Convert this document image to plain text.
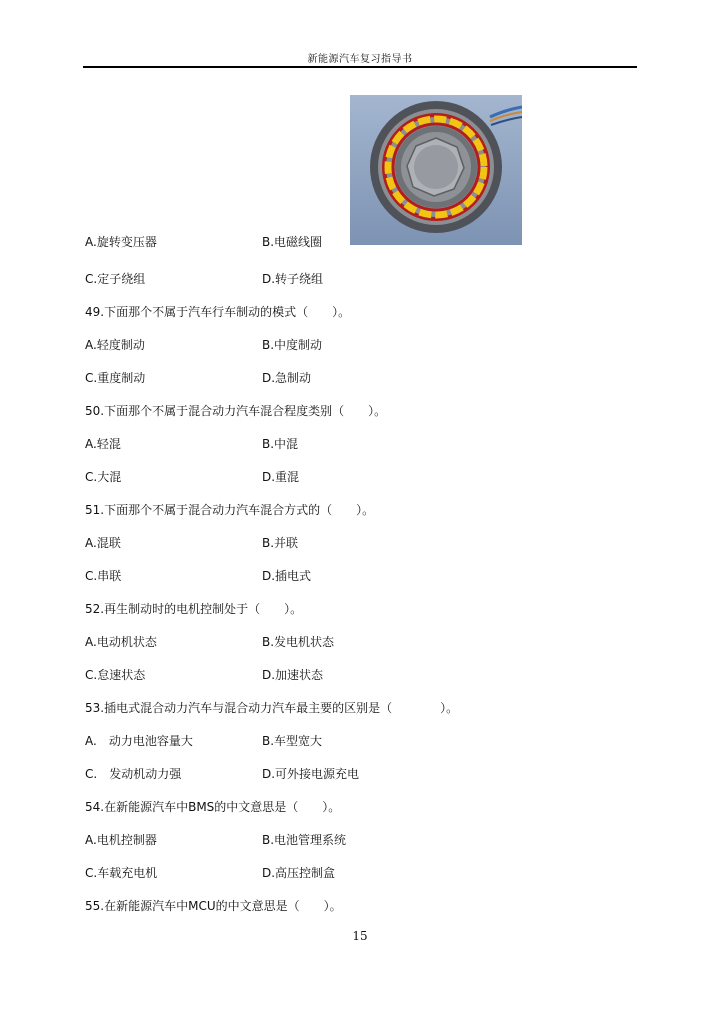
新能源汽车复习指导书
A.旋转变压器	B.电磁线圈
C.定子绕组	D.转子绕组
49.下面那个不属于汽车行车制动的模式（　　）。
A.轻度制动	B.中度制动
C.重度制动	D.急制动
50.下面那个不属于混合动力汽车混合程度类别（　　）。
A.轻混	B.中混
C.大混	D.重混
51.下面那个不属于混合动力汽车混合方式的（　　）。
A.混联	B.并联
C.串联	D.插电式
52.再生制动时的电机控制处于（　　）。
A.电动机状态	B.发电机状态
C.怠速状态	D.加速状态
53.插电式混合动力汽车与混合动力汽车最主要的区别是（　　　　）。
A.　动力电池容量大	B.车型宽大
C.　发动机动力强	D.可外接电源充电
54.在新能源汽车中BMS的中文意思是（　　）。
A.电机控制器	B.电池管理系统
C.车载充电机	D.高压控制盒
55.在新能源汽车中MCU的中文意思是（　　）。
15
